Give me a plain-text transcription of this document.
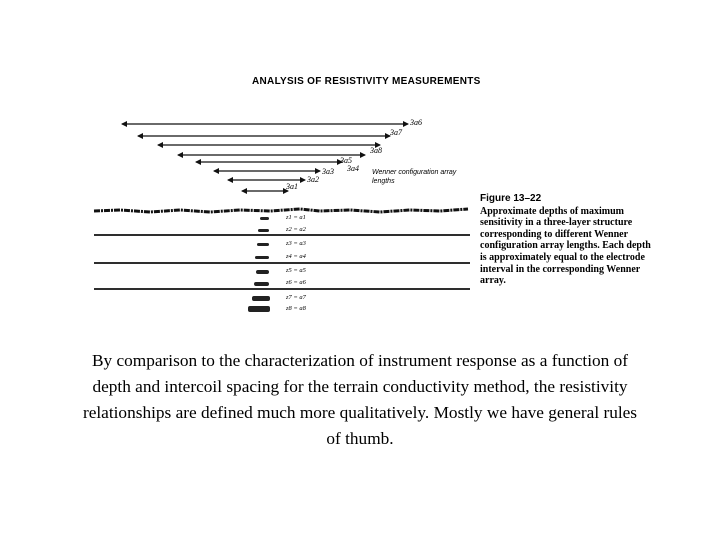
ANALYSIS OF RESISTIVITY MEASUREMENTS
3a6
3a7
3a8
3a5
3a4
3a3
3a2
3a1
Wenner configuration array lengths
z1 = a1
z2 = a2
z3 = a3
z4 = a4
z5 = a5
z6 = a6
z7 = a7
z8 = a8
Figure 13–22
Approximate depths of maximum sensitivity in a three-layer structure corresponding to different Wenner configuration array lengths. Each depth is approximately equal to the electrode interval in the corresponding Wenner array.
By comparison to the characterization of instrument response as a function of depth and intercoil spacing for the terrain conductivity method, the resistivity relationships are defined much more qualitatively. Mostly we have general rules of thumb.
